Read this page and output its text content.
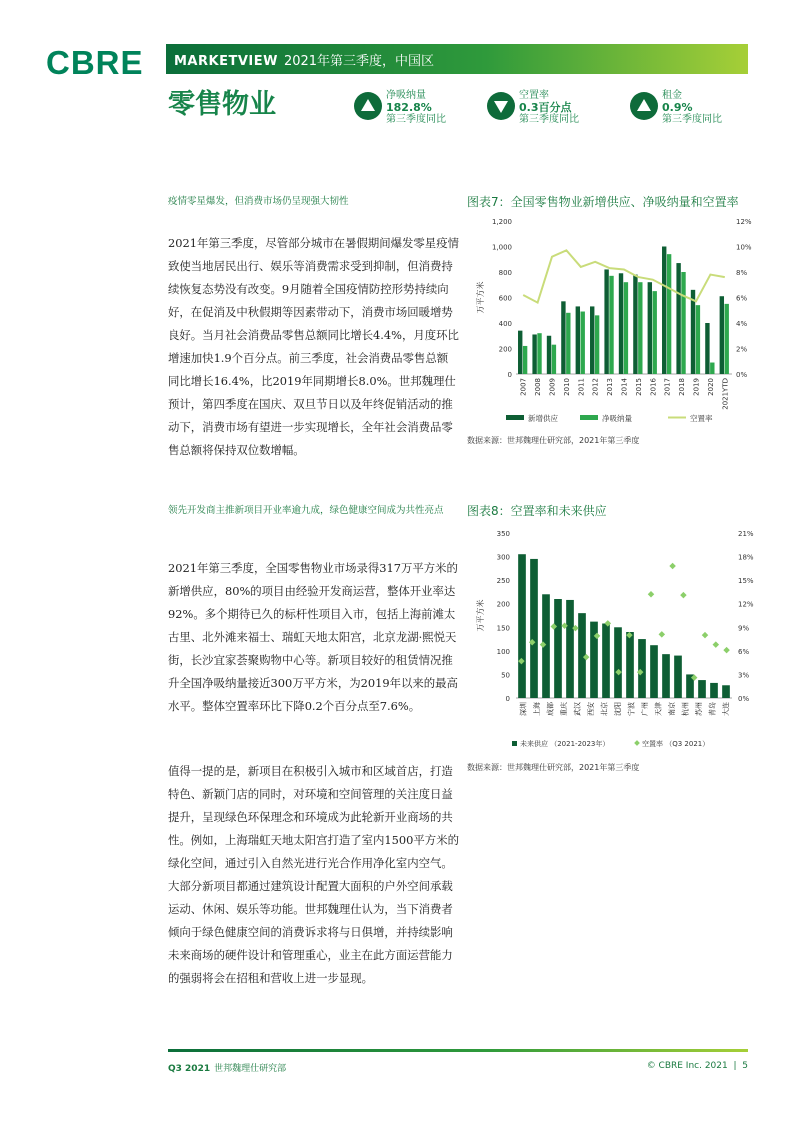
CBRE MARKETVIEW 2021年第三季度，中国区
零售物业	净吸纳量
182.8%
第三季度同比
空置率
0.3百分点
第三季度同比
租金
0.9%
第三季度同比
疫情零星爆发，但消费市场仍呈现强大韧性
2021年第三季度，尽管部分城市在暑假期间爆发零星疫情致使当地居民出行、娱乐等消费需求受到抑制，但消费持续恢复态势没有改变。9月随着全国疫情防控形势持续向好，在促消及中秋假期等因素带动下，消费市场回暖增势良好。当月社会消费品零售总额同比增长4.4%，月度环比增速加快1.9个百分点。前三季度，社会消费品零售总额同比增长16.4%，比2019年同期增长8.0%。世邦魏理仕预计，第四季度在国庆、双旦节日以及年终促销活动的推动下，消费市场有望进一步实现增长，全年社会消费品零售总额将保持双位数增幅。
领先开发商主推新项目开业率逾九成，绿色健康空间成为共性亮点
2021年第三季度，全国零售物业市场录得317万平方米的新增供应，80%的项目由经验开发商运营，整体开业率达92%。多个期待已久的标杆性项目入市，包括上海前滩太古里、北外滩来福士、瑞虹天地太阳宫，北京龙湖·熙悦天街，长沙宜家荟聚购物中心等。新项目较好的租赁情况推升全国净吸纳量接近300万平方米，为2019年以来的最高水平。整体空置率环比下降0.2个百分点至7.6%。
值得一提的是，新项目在积极引入城市和区域首店，打造特色、新颖门店的同时，对环境和空间管理的关注度日益提升，呈现绿色环保理念和环境成为此轮新开业商场的共性。例如，上海瑞虹天地太阳宫打造了室内1500平方米的绿化空间，通过引入自然光进行光合作用净化室内空气。大部分新项目都通过建筑设计配置大面积的户外空间承载运动、休闲、娱乐等功能。世邦魏理仕认为，当下消费者倾向于绿色健康空间的消费诉求将与日俱增，并持续影响未来商场的硬件设计和管理重心，业主在此方面运营能力的强弱将会在招租和营收上进一步显现。
图表7：全国零售物业新增供应、净吸纳量和空置率
0
200
400
600
800
1,000
1,200
0%
2%
4%
6%
8%
10%
12%
万平方米
2007 2008 2009 2010 2011 2012 2013 2014 2015 2016 2017 2018 2019 2020 2021YTD
新增供应	净吸纳量	空置率
数据来源：世邦魏理仕研究部，2021年第三季度
图表8：空置率和未来供应
0
50
100
150
200
250
300
350
0%
3%
6%
9%
12%
15%
18%
21%
万平方米
深圳 上海 成都 重庆 武汉 西安 北京 沈阳 宁波 广州 天津 南京 杭州 苏州 青岛 大连
未来供应 （2021-2023年）	空置率 （Q3 2021）
数据来源：世邦魏理仕研究部，2021年第三季度
Q3 2021 世邦魏理仕研究部	© CBRE Inc. 2021 | 5
